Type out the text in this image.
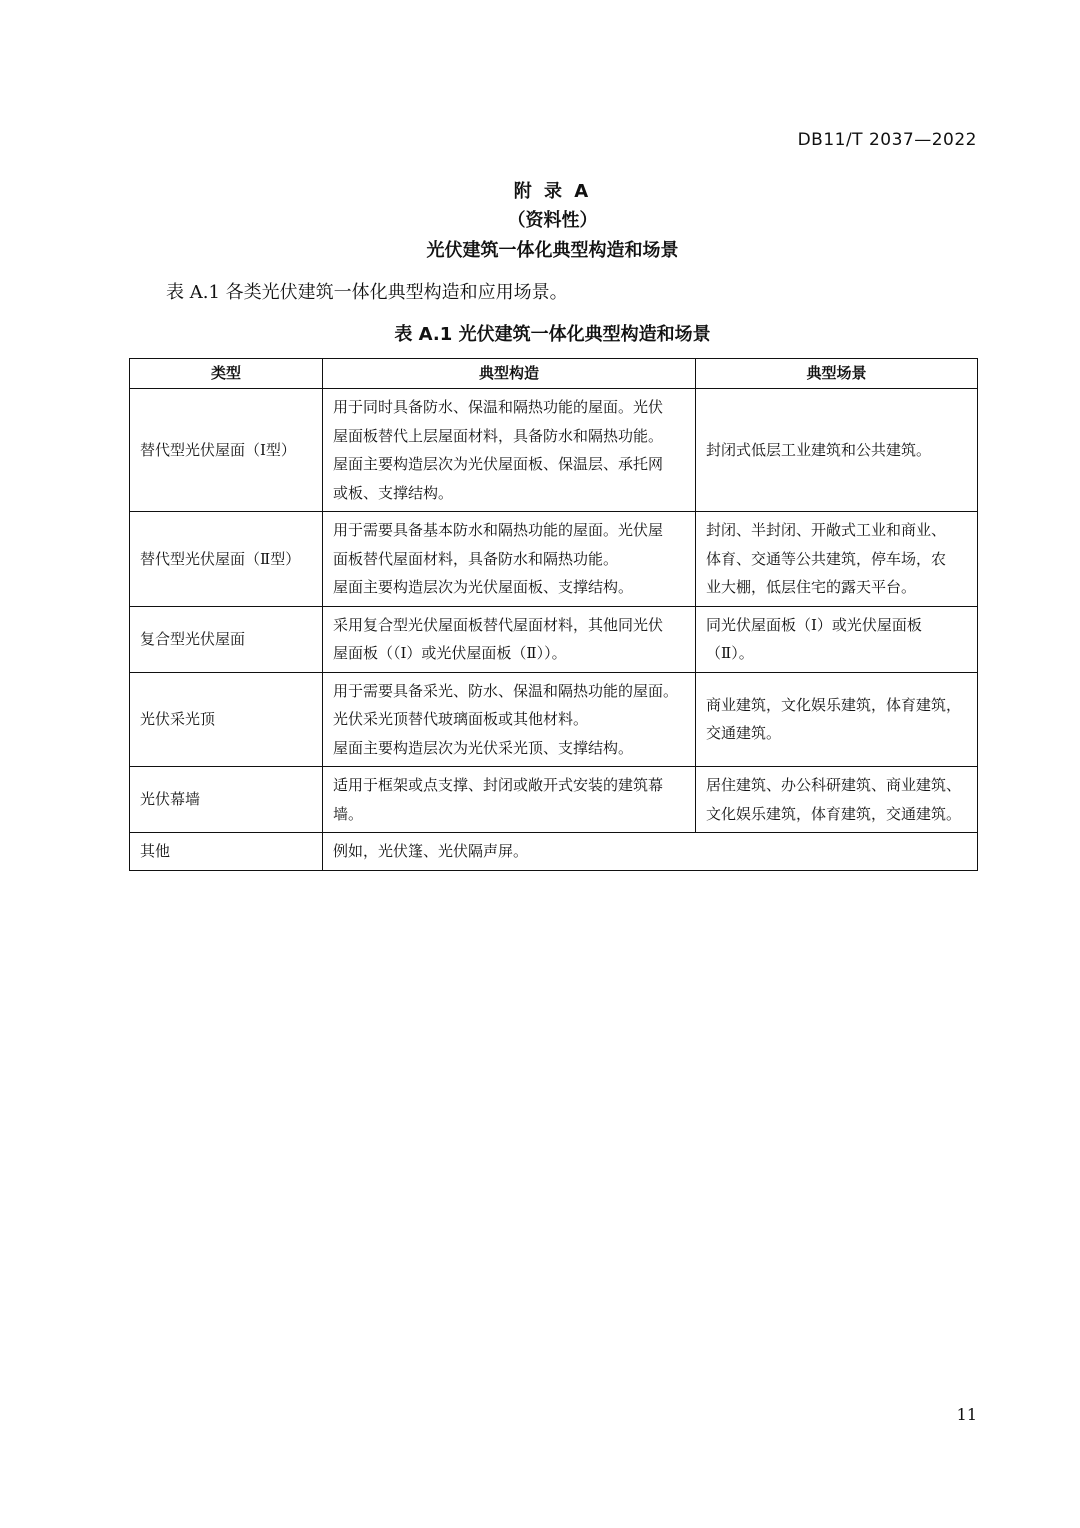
DB11/T 2037—2022
附 录 A
（资料性）
光伏建筑一体化典型构造和场景
表 A.1 各类光伏建筑一体化典型构造和应用场景。
表 A.1 光伏建筑一体化典型构造和场景
类型	典型构造	典型场景
替代型光伏屋面（Ⅰ型）	用于同时具备防水、保温和隔热功能的屋面。光伏
屋面板替代上层屋面材料，具备防水和隔热功能。
屋面主要构造层次为光伏屋面板、保温层、承托网
或板、支撑结构。	封闭式低层工业建筑和公共建筑。

替代型光伏屋面（Ⅱ型）	用于需要具备基本防水和隔热功能的屋面。光伏屋
面板替代屋面材料，具备防水和隔热功能。
屋面主要构造层次为光伏屋面板、支撑结构。	封闭、半封闭、开敞式工业和商业、
体育、交通等公共建筑，停车场，农
业大棚，低层住宅的露天平台。

复合型光伏屋面	采用复合型光伏屋面板替代屋面材料，其他同光伏
屋面板（（Ⅰ）或光伏屋面板（Ⅱ））。	同光伏屋面板（Ⅰ）或光伏屋面板
（Ⅱ）。

光伏采光顶	用于需要具备采光、防水、保温和隔热功能的屋面。
光伏采光顶替代玻璃面板或其他材料。
屋面主要构造层次为光伏采光顶、支撑结构。	商业建筑，文化娱乐建筑，体育建筑，
交通建筑。

光伏幕墙	适用于框架或点支撑、封闭或敞开式安装的建筑幕
墙。	居住建筑、办公科研建筑、商业建筑、
文化娱乐建筑，体育建筑，交通建筑。

其他	例如，光伏篷、光伏隔声屏。	
11
